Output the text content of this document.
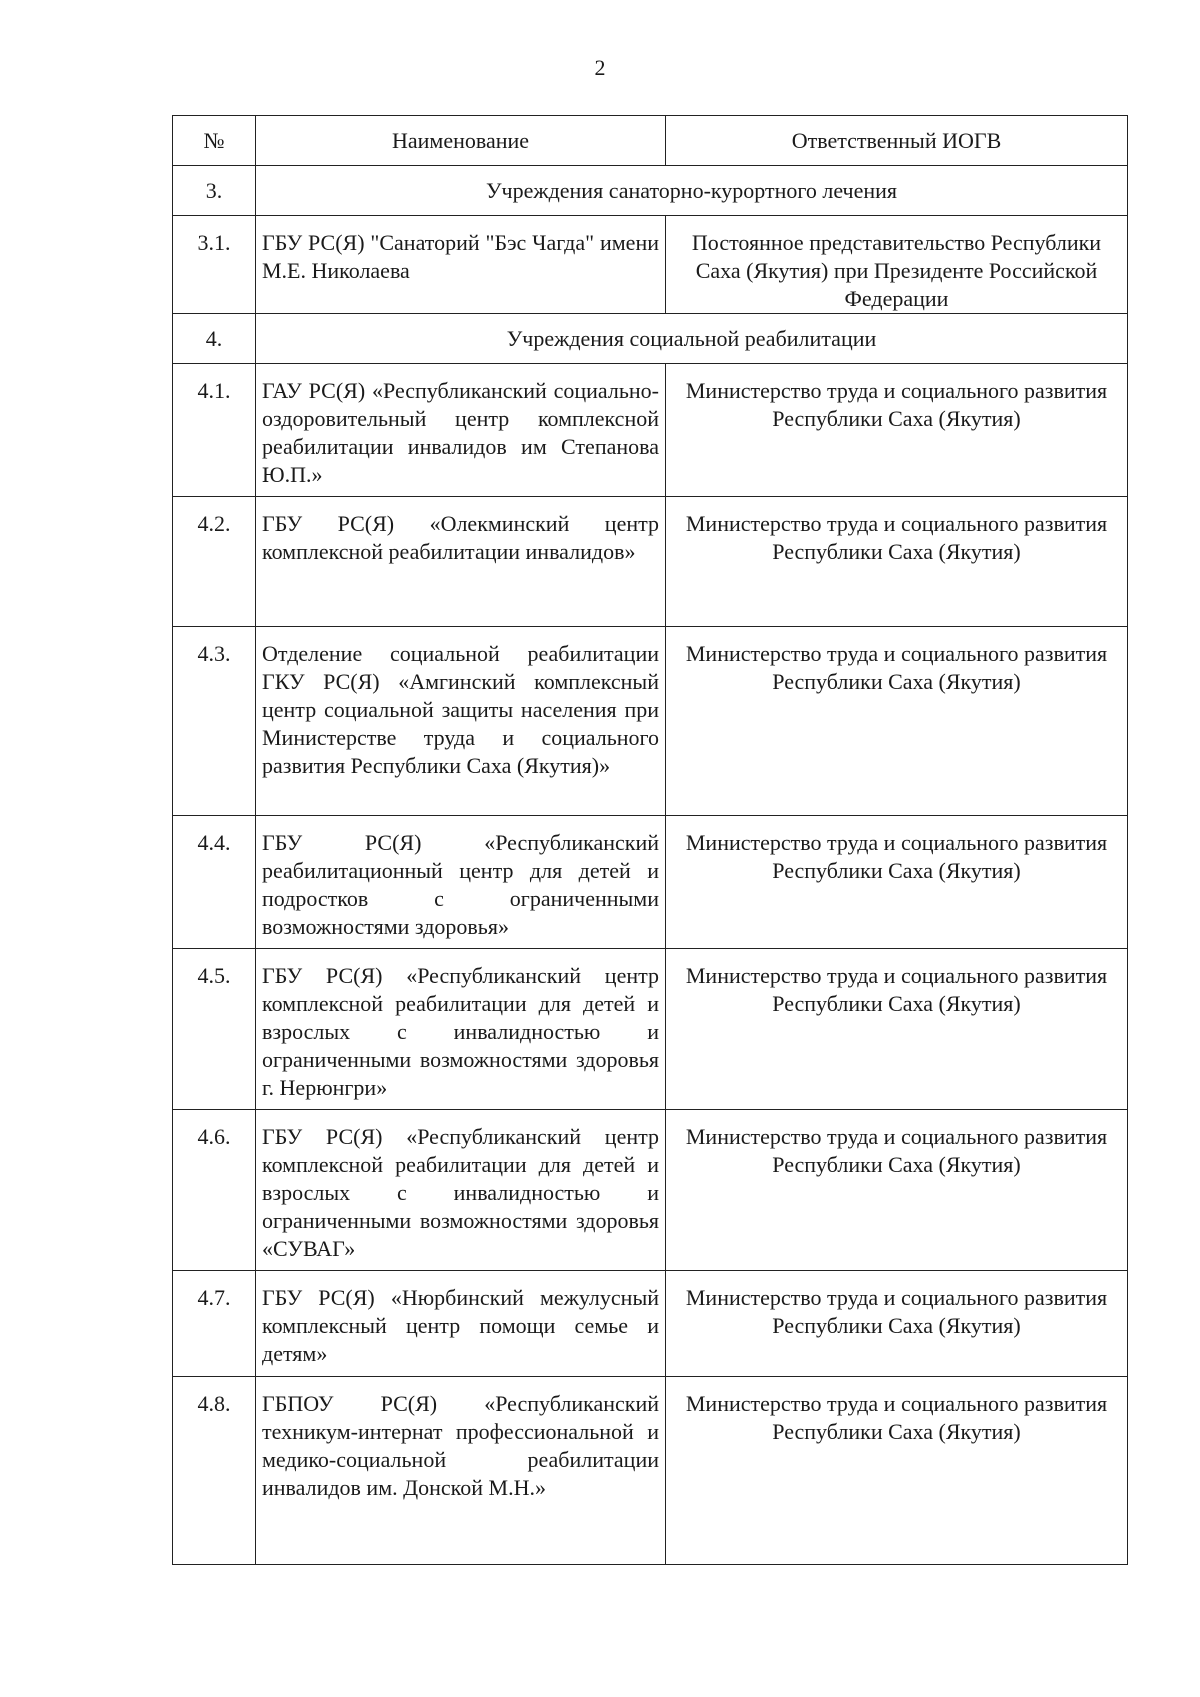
2
№	Наименование	Ответственный ИОГВ
3.	Учреждения санаторно-курортного лечения	
3.1.	ГБУ РС(Я) "Санаторий "Бэс Чагда" имени М.Е. Николаева	Постоянное представительство Республики Саха (Якутия) при Президенте Российской Федерации
4.	Учреждения социальной реабилитации	
4.1.	ГАУ РС(Я) «Республиканский социально-оздоровительный центр комплексной реабилитации инвалидов им Степанова Ю.П.»	Министерство труда и социального развития Республики Саха (Якутия)
4.2.	ГБУ РС(Я) «Олекминский центр комплексной реабилитации инвалидов»	Министерство труда и социального развития Республики Саха (Якутия)
4.3.	Отделение социальной реабилитации ГКУ РС(Я) «Амгинский комплексный центр социальной защиты населения при Министерстве труда и социального развития Республики Саха (Якутия)»	Министерство труда и социального развития Республики Саха (Якутия)
4.4.	ГБУ РС(Я) «Республиканский реабилитационный центр для детей и подростков с ограниченными возможностями здоровья»	Министерство труда и социального развития Республики Саха (Якутия)
4.5.	ГБУ РС(Я) «Республиканский центр комплексной реабилитации для детей и взрослых с инвалидностью и ограниченными возможностями здоровья г. Нерюнгри»	Министерство труда и социального развития Республики Саха (Якутия)
4.6.	ГБУ РС(Я) «Республиканский центр комплексной реабилитации для детей и взрослых с инвалидностью и ограниченными возможностями здоровья «СУВАГ»	Министерство труда и социального развития Республики Саха (Якутия)
4.7.	ГБУ РС(Я) «Нюрбинский межулусный комплексный центр помощи семье и детям»	Министерство труда и социального развития Республики Саха (Якутия)
4.8.	ГБПОУ РС(Я) «Республиканский техникум-интернат профессиональной и медико-социальной реабилитации инвалидов им. Донской М.Н.»	Министерство труда и социального развития Республики Саха (Якутия)
